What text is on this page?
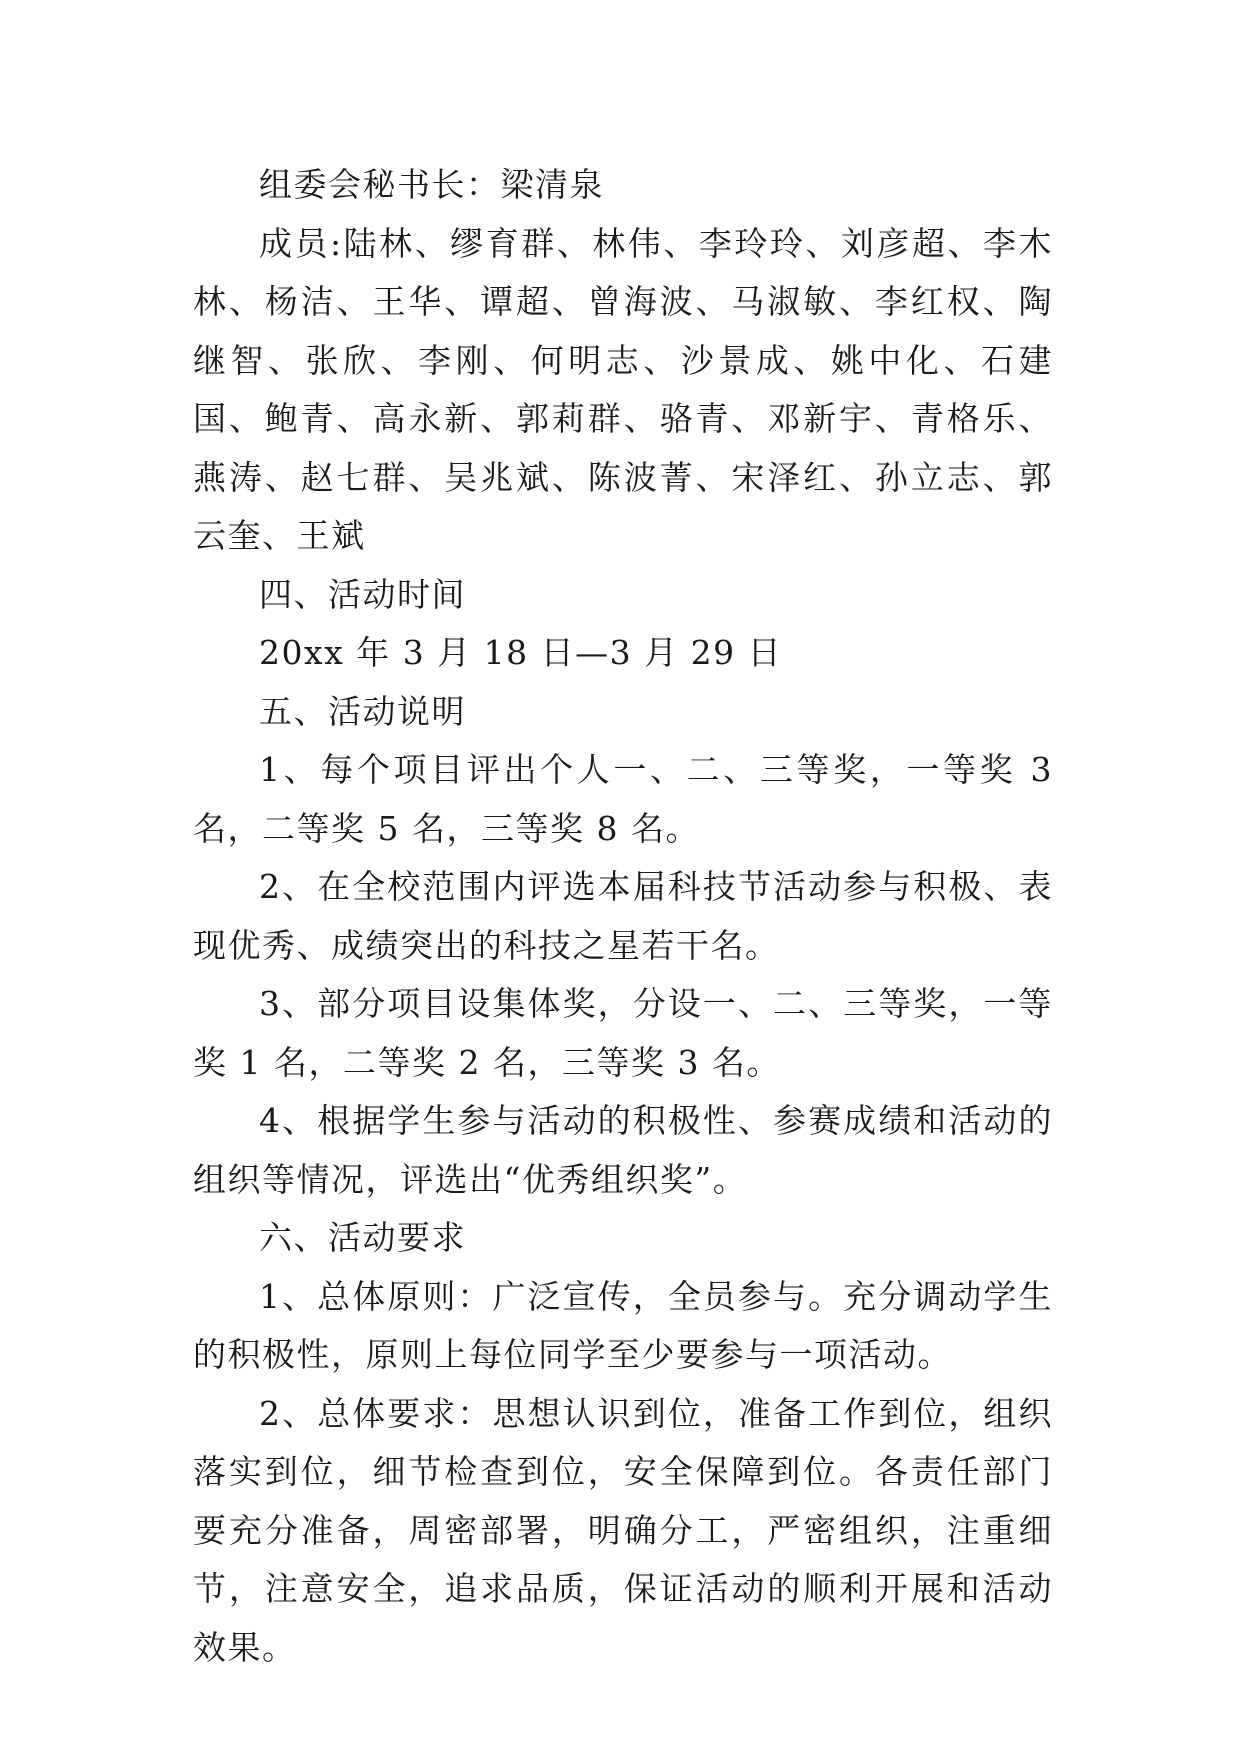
组委会秘书长：梁清泉

成员:陆林、缪育群、林伟、李玲玲、刘彦超、李木林、杨洁、王华、谭超、曾海波、马淑敏、李红权、陶继智、张欣、李刚、何明志、沙景成、姚中化、石建国、鲍青、高永新、郭莉群、骆青、邓新宇、青格乐、燕涛、赵七群、吴兆斌、陈波菁、宋泽红、孙立志、郭云奎、王斌

四、活动时间

20xx 年 3 月 18 日—3 月 29 日

五、活动说明

1、每个项目评出个人一、二、三等奖，一等奖 3 名，二等奖 5 名，三等奖 8 名。

2、在全校范围内评选本届科技节活动参与积极、表现优秀、成绩突出的科技之星若干名。

3、部分项目设集体奖，分设一、二、三等奖，一等奖 1 名，二等奖 2 名，三等奖 3 名。

4、根据学生参与活动的积极性、参赛成绩和活动的组织等情况，评选出“优秀组织奖”。

六、活动要求

1、总体原则：广泛宣传，全员参与。充分调动学生的积极性，原则上每位同学至少要参与一项活动。

2、总体要求：思想认识到位，准备工作到位，组织落实到位，细节检查到位，安全保障到位。各责任部门要充分准备，周密部署，明确分工，严密组织，注重细节，注意安全，追求品质，保证活动的顺利开展和活动效果。
